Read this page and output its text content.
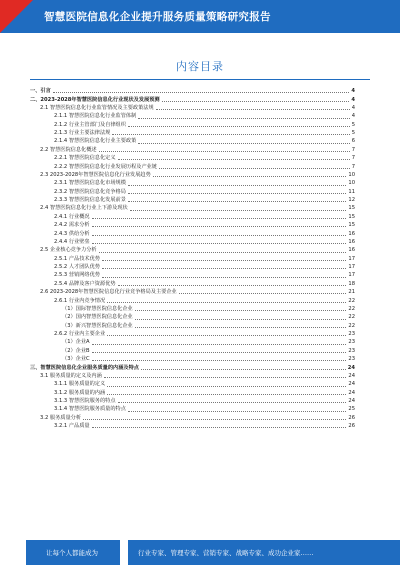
智慧医院信息化企业提升服务质量策略研究报告
内容目录
一、引言	4
二、2023-2028年智慧医院信息化行业现状及发展预测	4
2.1 智慧医院信息化行业监管情况及主要政策法规	4
2.1.1 智慧医院信息化行业监管体制	4
2.1.2 行业主管部门及自律组织	5
2.1.3 行业主要法律法规	5
2.1.4 智慧医院信息化行业主要政策	6
2.2 智慧医院信息化概述	7
2.2.1 智慧医院信息化定义	7
2.2.2 智慧医院信息化行业发展历程及产业链	7
2.3 2023-2028年智慧医院信息化行业发展趋势	10
2.3.1 智慧医院信息化市场规模	10
2.3.2 智慧医院信息化竞争格局	11
2.3.3 智慧医院信息化发展前景	12
2.4 智慧医院信息化行业上下游及现状	15
2.4.1 行业概况	15
2.4.2 需求分析	15
2.4.3 供给分析	16
2.4.4 行业壁垒	16
2.5 企业核心竞争力分析	16
2.5.1 产品技术优势	17
2.5.2 人才团队优势	17
2.5.3 营销网络优势	17
2.5.4 品牌及客户资源优势	18
2.6 2023-2028年智慧医院信息化行业竞争格局及主要企业	21
2.6.1 行业内竞争情况	22
（1）国际智慧医院信息化企业	22
（2）国内智慧医院信息化企业	22
（3）新兴智慧医院信息化企业	22
2.6.2 行业内主要企业	23
（1）企业A	23
（2）企业B	23
（3）企业C	23
三、智慧医院信息化企业服务质量的内涵及特点	24
3.1 服务质量的定义及内涵	24
3.1.1 服务质量的定义	24
3.1.2 服务质量的内涵	24
3.1.3 智慧医院服务的特点	24
3.1.4 智慧医院服务质量的特点	25
3.2 服务质量分析	26
3.2.1 产品质量	26
让每个人都能成为	行业专家、管理专家、营销专家、战略专家、成功企业家……
